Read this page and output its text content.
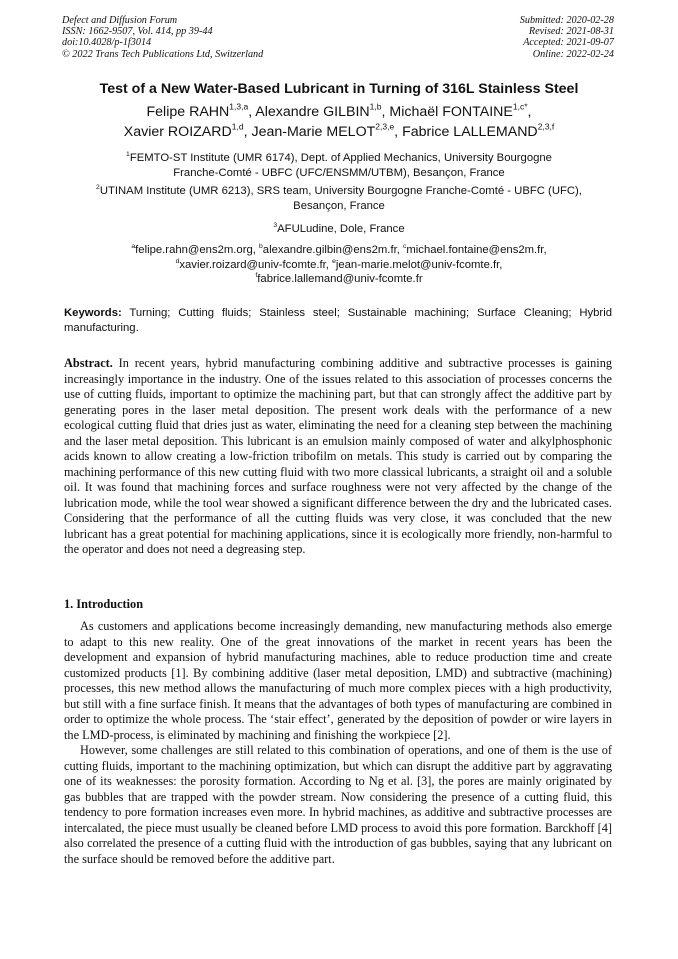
Defect and Diffusion Forum
ISSN: 1662-9507, Vol. 414, pp 39-44
doi:10.4028/p-1f3014
© 2022 Trans Tech Publications Ltd, Switzerland
Submitted: 2020-02-28
Revised: 2021-08-31
Accepted: 2021-09-07
Online: 2022-02-24
Test of a New Water-Based Lubricant in Turning of 316L Stainless Steel
Felipe RAHN$^{1,3,a}$, Alexandre GILBIN$^{1,b}$, Michaël $FONTAINE^{1,c*}$,
Xavier ROIZARD$^{1,d}$, Jean-Marie MELOT$^{2,3,e}$, Fabrice LALLEMAND$^{2,3,f}$
$^1$FEMTO-ST Institute (UMR 6174), Dept. of Applied Mechanics, University Bourgogne
Franche-Comté - UBFC (UFC/ENSMM/UTBM), Besançon, France
$^2$UTINAM Institute (UMR 6213), SRS team, University Bourgogne Franche-Comté - UBFC (UFC),
Besançon, France
$^3$AFULudine, Dole, France
$^a$felipe.rahn@ens2m.org, $^b$alexandre.gilbin@ens2m.fr, $^c$michael.fontaine@ens2m.fr,
$^d$xavier.roizard@univ-fcomte.fr, $^e$jean-marie.melot@univ-fcomte.fr,
$^f$fabrice.lallemand@univ-fcomte.fr
Keywords: Turning; Cutting fluids; Stainless steel; Sustainable machining; Surface Cleaning; Hybrid manufacturing.
Abstract. In recent years, hybrid manufacturing combining additive and subtractive processes is gaining increasingly importance in the industry. One of the issues related to this association of processes concerns the use of cutting fluids, important to optimize the machining part, but that can strongly affect the additive part by generating pores in the laser metal deposition. The present work deals with the performance of a new ecological cutting fluid that dries just as water, eliminating the need for a cleaning step between the machining and the laser metal deposition. This lubricant is an emulsion mainly composed of water and alkylphosphonic acids known to allow creating a low-friction tribofilm on metals. This study is carried out by comparing the machining performance of this new cutting fluid with two more classical lubricants, a straight oil and a soluble oil. It was found that machining forces and surface roughness were not very affected by the change of the lubrication mode, while the tool wear showed a significant difference between the dry and the lubricated cases. Considering that the performance of all the cutting fluids was very close, it was concluded that the new lubricant has a great potential for machining applications, since it is ecologically more friendly, non-harmful to the operator and does not need a degreasing step.
1. Introduction

As customers and applications become increasingly demanding, new manufacturing methods also emerge to adapt to this new reality. One of the great innovations of the market in recent years has been the development and expansion of hybrid manufacturing machines, able to reduce production time and create customized products [1]. By combining additive (laser metal deposition, LMD) and subtractive (machining) processes, this new method allows the manufacturing of much more complex pieces with a high productivity, but still with a fine surface finish. It means that the advantages of both types of manufacturing are combined in order to optimize the whole process. The ‘stair effect’, generated by the deposition of powder or wire layers in the LMD-process, is eliminated by machining and finishing the workpiece [2].

However, some challenges are still related to this combination of operations, and one of them is the use of cutting fluids, important to the machining optimization, but which can disrupt the additive part by aggravating one of its weaknesses: the porosity formation. According to Ng et al. [3], the pores are mainly originated by gas bubbles that are trapped with the powder stream. Now considering the presence of a cutting fluid, this tendency to pore formation increases even more. In hybrid machines, as additive and subtractive processes are intercalated, the piece must usually be cleaned before LMD process to avoid this pore formation. Barckhoff [4] also correlated the presence of a cutting fluid with the introduction of gas bubbles, saying that any lubricant on the surface should be removed before the additive part.
